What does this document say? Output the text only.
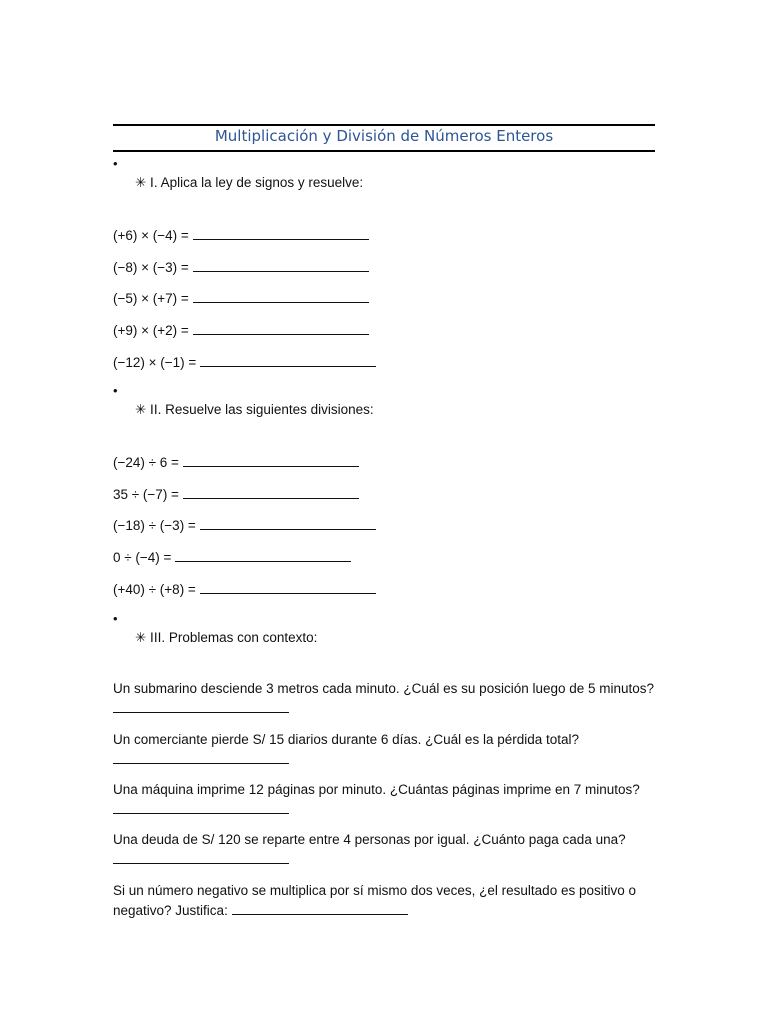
Multiplicación y División de Números Enteros
•
✳ I. Aplica la ley de signos y resuelve:
(+6) × (−4) =
(−8) × (−3) =
(−5) × (+7) =
(+9) × (+2) =
(−12) × (−1) =
•
✳ II. Resuelve las siguientes divisiones:
(−24) ÷ 6 =
35 ÷ (−7) =
(−18) ÷ (−3) =
0 ÷ (−4) =
(+40) ÷ (+8) =
•
✳ III. Problemas con contexto:
Un submarino desciende 3 metros cada minuto. ¿Cuál es su posición luego de 5 minutos?
Un comerciante pierde S/ 15 diarios durante 6 días. ¿Cuál es la pérdida total?
Una máquina imprime 12 páginas por minuto. ¿Cuántas páginas imprime en 7 minutos?
Una deuda de S/ 120 se reparte entre 4 personas por igual. ¿Cuánto paga cada una?
Si un número negativo se multiplica por sí mismo dos veces, ¿el resultado es positivo o negativo? Justifica:
